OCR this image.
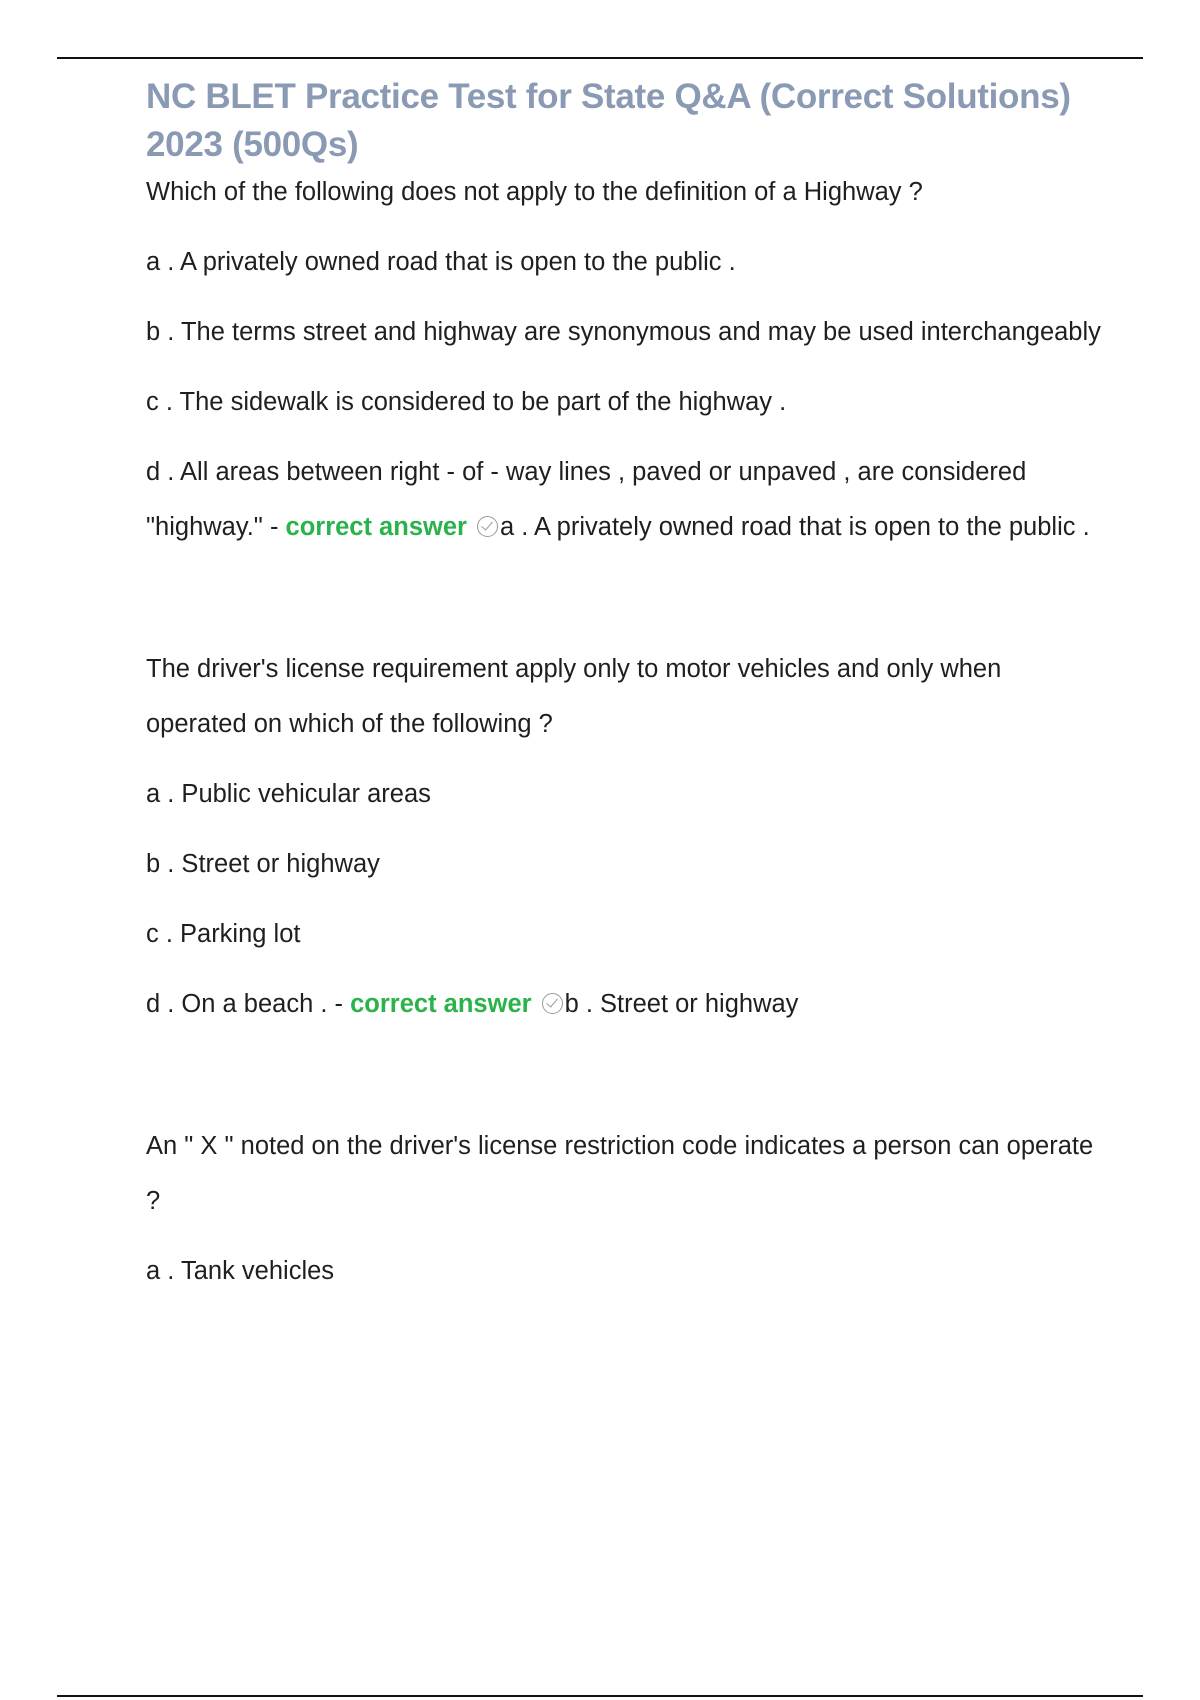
NC BLET Practice Test for State Q&A (Correct Solutions) 2023 (500Qs)

Which of the following does not apply to the definition of a Highway ?

a . A privately owned road that is open to the public .

b . The terms street and highway are synonymous and may be used interchangeably

c . The sidewalk is considered to be part of the highway .

d . All areas between right - of - way lines , paved or unpaved , are considered "highway." - correct answer a . A privately owned road that is open to the public .

The driver's license requirement apply only to motor vehicles and only when operated on which of the following ?

a . Public vehicular areas

b . Street or highway

c . Parking lot

d . On a beach . - correct answer b . Street or highway

An " X " noted on the driver's license restriction code indicates a person can operate ?

a . Tank vehicles
